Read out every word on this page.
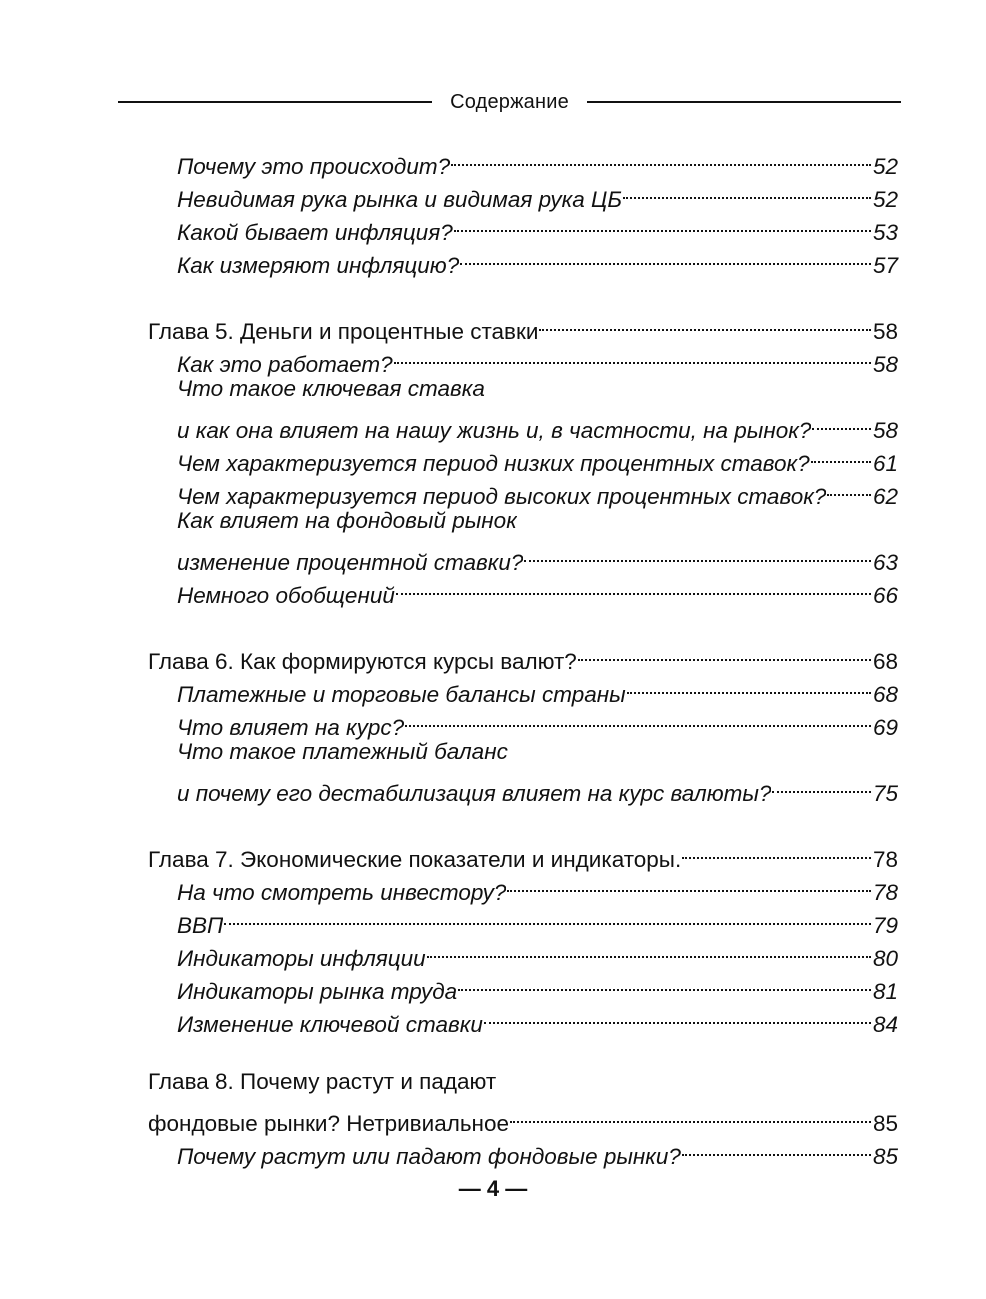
Содержание
Почему это происходит?	52
Невидимая рука рынка и видимая рука ЦБ	52
Какой бывает инфляция?	53
Как измеряют инфляцию?	57
Глава 5. Деньги и процентные ставки	58
Как это работает?	58
Что такое ключевая ставка
и как она влияет на нашу жизнь и, в частности, на рынок?	58
Чем характеризуется период низких процентных ставок?	61
Чем характеризуется период высоких процентных ставок? 62
Как влияет на фондовый рынок
изменение процентной ставки?	63
Немного обобщений	66
Глава 6. Как формируются курсы валют?	68
Платежные и торговые балансы страны	68
Что влияет на курс?	69
Что такое платежный баланс
и почему его дестабилизация влияет на курс валюты?	75
Глава 7. Экономические показатели и индикаторы.	78
На что смотреть инвестору?	78
ВВП	79
Индикаторы инфляции	80
Индикаторы рынка труда	81
Изменение ключевой ставки	84
Глава 8. Почему растут и падают
фондовые рынки? Нетривиальное	85
Почему растут или падают фондовые рынки?	85
— 4 —
